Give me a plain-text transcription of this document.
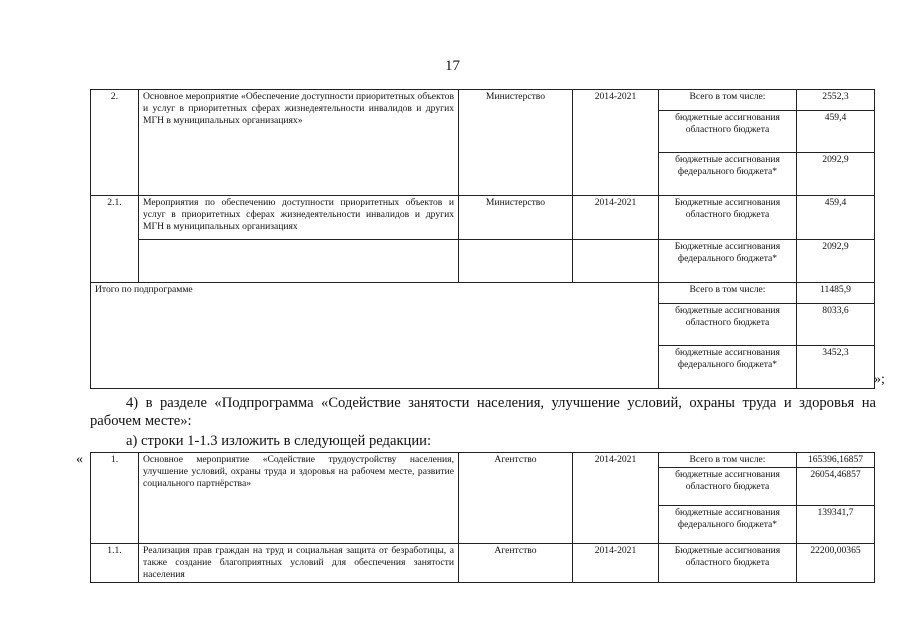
17
2.	Основное мероприятие «Обеспечение доступности приоритетных объектов и услуг в приоритетных сферах жизнедеятельности инвалидов и других МГН в муниципальных организациях»	Министерство	2014-2021	Всего в том числе:	2552,3
				бюджетные ассигнования областного бюджета	459,4
				бюджетные ассигнования федерального бюджета*	2092,9
2.1.	Мероприятия по обеспечению доступности приоритетных объектов и услуг в приоритетных сферах жизнедеятельности инвалидов и других МГН в муниципальных организациях	Министерство	2014-2021	Бюджетные ассигнования областного бюджета	459,4
				Бюджетные ассигнования федерального бюджета*	2092,9
Итого по подпрограмме				Всего в том числе:	11485,9
				бюджетные ассигнования областного бюджета	8033,6
				бюджетные ассигнования федерального бюджета*	3452,3
»;
4) в разделе «Подпрограмма «Содействие занятости населения, улучшение условий, охраны труда и здоровья на рабочем месте»:
а) строки 1-1.3 изложить в следующей редакции:
«	1.	Основное мероприятие «Содействие трудоустройству населения, улучшение условий, охраны труда и здоровья на рабочем месте, развитие социального партнёрства»	Агентство	2014-2021	Всего в том числе:	165396,16857
				бюджетные ассигнования областного бюджета	26054,46857
				бюджетные ассигнования федерального бюджета*	139341,7
1.1.	Реализация прав граждан на труд и социальная защита от безработицы, а также создание благоприятных условий для обеспечения занятости населения	Агентство	2014-2021	Бюджетные ассигнования областного бюджета	22200,00365
